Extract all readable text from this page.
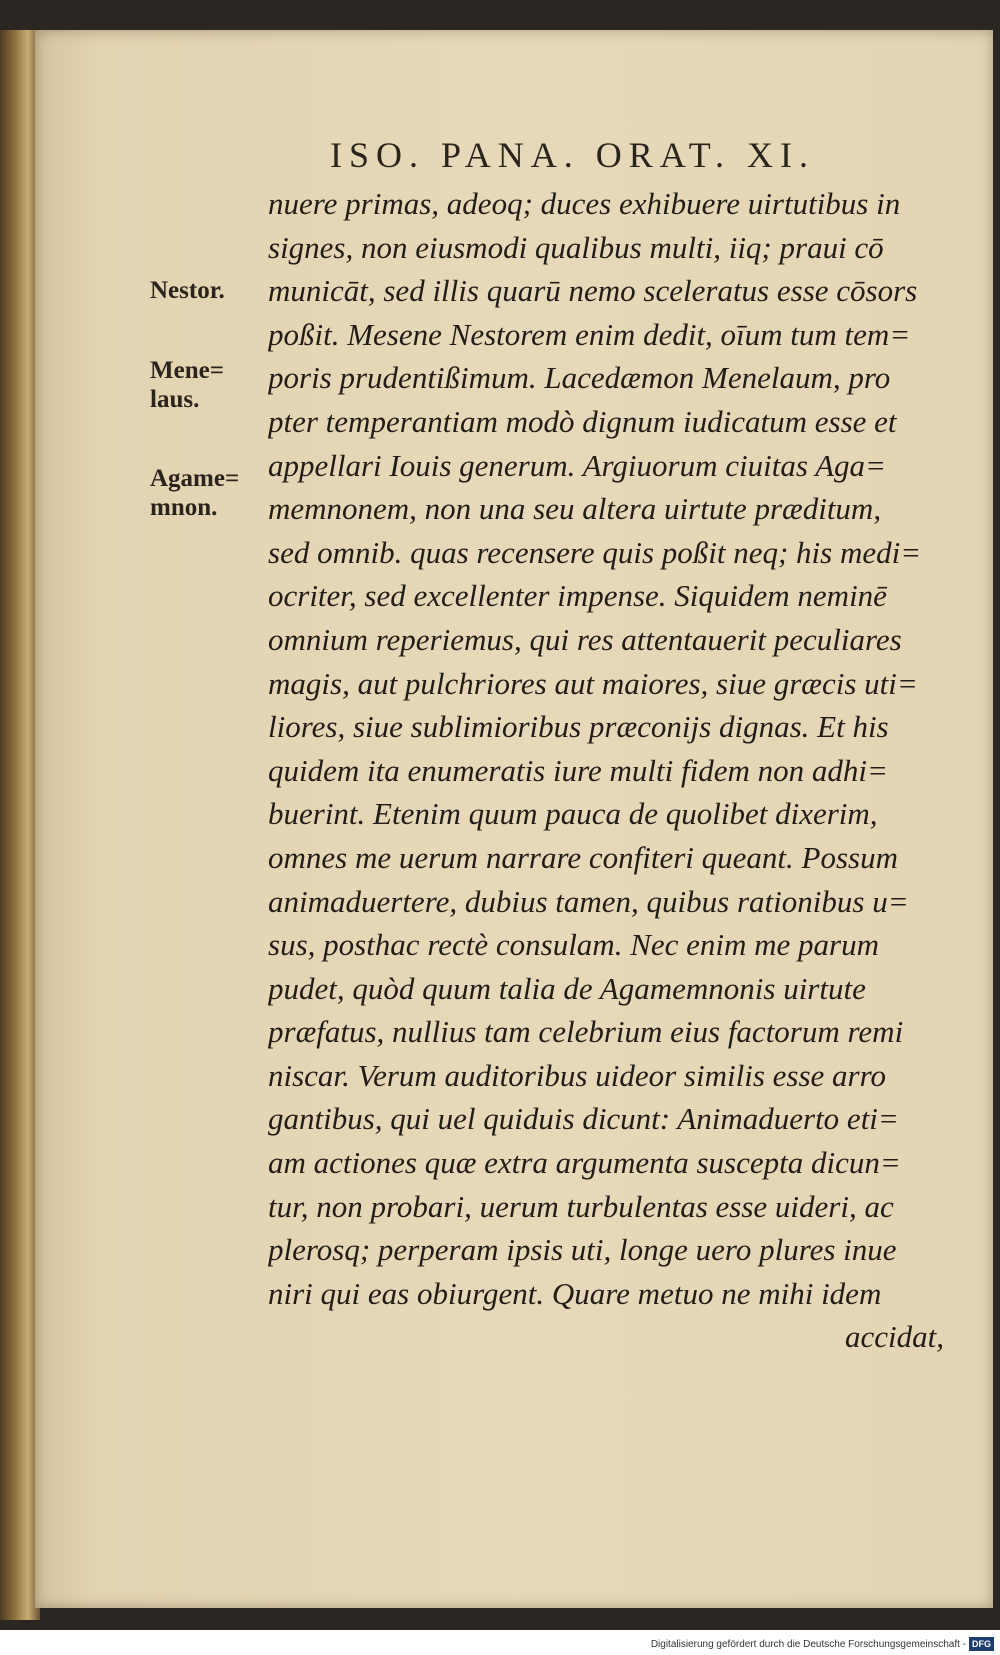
ISO. PANA. ORAT. XI.
Nestor.
Mene=
laus.
Agame=
mnon.
nuere primas, adeoq; duces exhibuere uirtutibus in
signes, non eiusmodi qualibus multi, iiq; praui cō
municāt, sed illis quarū nemo sceleratus esse cōsors
poßit. Mesene Nestorem enim dedit, oīum tum tem=
poris prudentißimum. Lacedæmon Menelaum, pro
pter temperantiam modò dignum iudicatum esse et
appellari Iouis generum. Argiuorum ciuitas Aga=
memnonem, non una seu altera uirtute præditum,
sed omnib. quas recensere quis poßit neq; his medi=
ocriter, sed excellenter impense. Siquidem neminē
omnium reperiemus, qui res attentauerit peculiares
magis, aut pulchriores aut maiores, siue græcis uti=
liores, siue sublimioribus præconijs dignas. Et his
quidem ita enumeratis iure multi fidem non adhi=
buerint. Etenim quum pauca de quolibet dixerim,
omnes me uerum narrare confiteri queant. Possum
animaduertere, dubius tamen, quibus rationibus u=
sus, posthac rectè consulam. Nec enim me parum
pudet, quòd quum talia de Agamemnonis uirtute
præfatus, nullius tam celebrium eius factorum remi
niscar. Verum auditoribus uideor similis esse arro
gantibus, qui uel quiduis dicunt: Animaduerto eti=
am actiones quæ extra argumenta suscepta dicun=
tur, non probari, uerum turbulentas esse uideri, ac
plerosq; perperam ipsis uti, longe uero plures inue
niri qui eas obiurgent. Quare metuo ne mihi idem
accidat,
Digitalisierung gefördert durch die Deutsche Forschungsgemeinschaft - DFG
